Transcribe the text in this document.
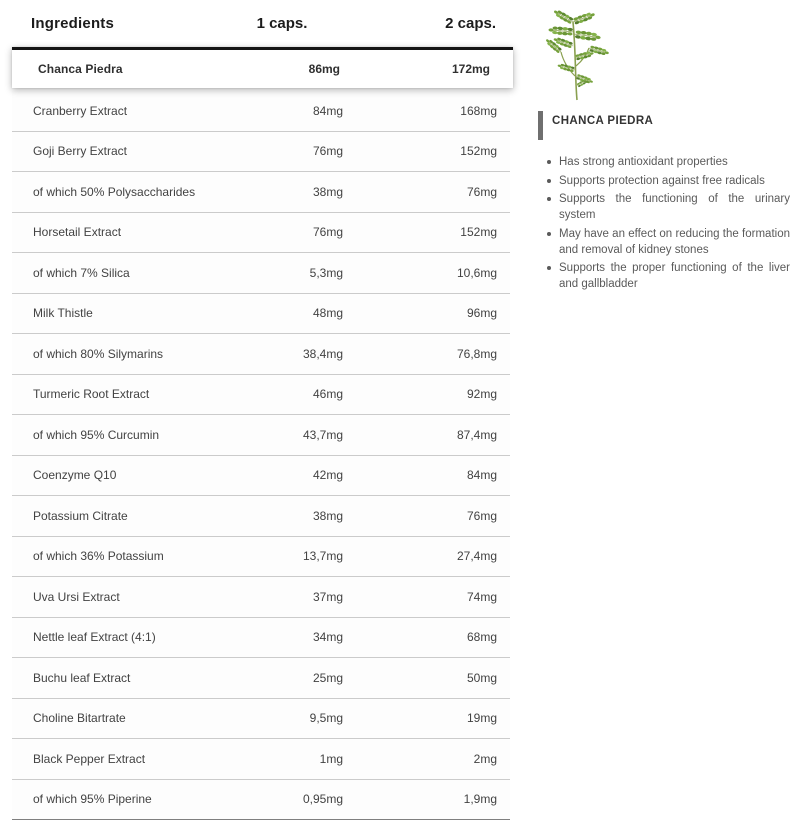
Ingredients	1 caps.	2 caps.
Chanca Piedra	86mg	172mg
Cranberry Extract	84mg	168mg
Goji Berry Extract	76mg	152mg
of which 50% Polysaccharides	38mg	76mg
Horsetail Extract	76mg	152mg
of which 7% Silica	5,3mg	10,6mg
Milk Thistle	48mg	96mg
of which 80% Silymarins	38,4mg	76,8mg
Turmeric Root Extract	46mg	92mg
of which 95% Curcumin	43,7mg	87,4mg
Coenzyme Q10	42mg	84mg
Potassium Citrate	38mg	76mg
of which 36% Potassium	13,7mg	27,4mg
Uva Ursi Extract	37mg	74mg
Nettle leaf Extract (4:1)	34mg	68mg
Buchu leaf Extract	25mg	50mg
Choline Bitartrate	9,5mg	19mg
Black Pepper Extract	1mg	2mg
of which 95% Piperine	0,95mg	1,9mg
CHANCA PIEDRA
Has strong antioxidant properties
Supports protection against free radicals
Supports the functioning of the urinary system
May have an effect on reducing the formation and removal of kidney stones
Supports the proper functioning of the liver and gallbladder
